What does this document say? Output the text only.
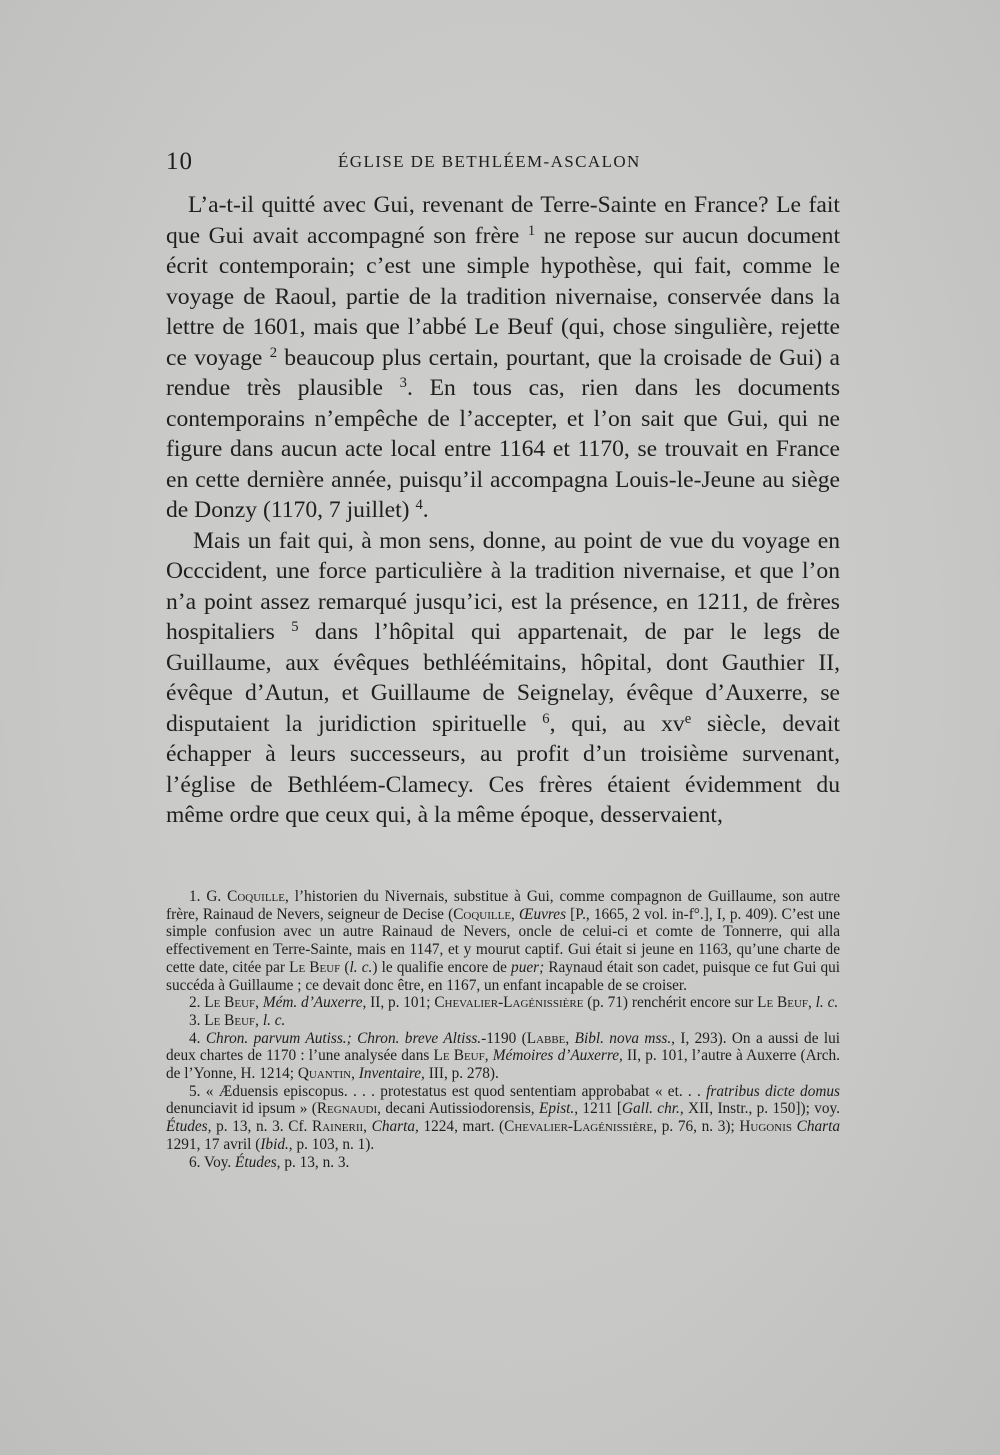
10	ÉGLISE DE BETHLÉEM-ASCALON

L’a-t-il quitté avec Gui, revenant de Terre-Sainte en France? Le fait que Gui avait accompagné son frère $^1$ ne repose sur aucun document écrit contemporain; c’est une simple hypothèse, qui fait, comme le voyage de Raoul, partie de la tradition nivernaise, conservée dans la lettre de 1601, mais que l’abbé Le Beuf (qui, chose singulière, rejette ce voyage $^2$ beaucoup plus certain, pourtant, que la croisade de Gui) a rendue très plausible $^3$. En tous cas, rien dans les documents contemporains n’empêche de l’accepter, et l’on sait que Gui, qui ne figure dans aucun acte local entre 1164 et 1170, se trouvait en France en cette dernière année, puisqu’il accompagna Louis-le-Jeune au siège de Donzy (1170, 7 juillet) $^4$.

Mais un fait qui, à mon sens, donne, au point de vue du voyage en Occcident, une force particulière à la tradition nivernaise, et que l’on n’a point assez remarqué jusqu’ici, est la présence, en 1211, de frères hospitaliers $^5$ dans l’hôpital qui appartenait, de par le legs de Guillaume, aux évêques bethléémitains, hôpital, dont Gauthier II, évêque d’Autun, et Guillaume de Seignelay, évêque d’Auxerre, se disputaient la juridiction spirituelle $^6$, qui, au $xv^e$ siècle, devait échapper à leurs successeurs, au profit d’un troisième survenant, l’église de Bethléem-Clamecy. Ces frères étaient évidemment du même ordre que ceux qui, à la même époque, desservaient,

1. G. Coquille, l’historien du Nivernais, substitue à Gui, comme compagnon de Guillaume, son autre frère, Rainaud de Nevers, seigneur de Decise (Coquille, Œuvres [P., 1665, 2 vol. in-f°.], I, p. 409). C’est une simple confusion avec un autre Rainaud de Nevers, oncle de celui-ci et comte de Tonnerre, qui alla effectivement en Terre-Sainte, mais en 1147, et y mourut captif. Gui était si jeune en 1163, qu’une charte de cette date, citée par Le Beuf (l. c.) le qualifie encore de puer; Raynaud était son cadet, puisque ce fut Gui qui succéda à Guillaume ; ce devait donc être, en 1167, un enfant incapable de se croiser.

2. Le Beuf, Mém. d’Auxerre, II, p. 101; Chevalier-Lagénissière (p. 71) renchérit encore sur Le Beuf, l. c.

3. Le Beuf, l. c.

4. Chron. parvum Autiss.; Chron. breve Altiss.-1190 (Labbe, Bibl. nova mss., I, 293). On a aussi de lui deux chartes de 1170 : l’une analysée dans Le Beuf, Mémoires d’Auxerre, II, p. 101, l’autre à Auxerre (Arch. de l’Yonne, H. 1214; Quantin, Inventaire, III, p. 278).

5. « Æduensis episcopus. . . . protestatus est quod sententiam approbabat « et. . . fratribus dicte domus denunciavit id ipsum » (Regnaudi, decani Autissiodorensis, Epist., 1211 [Gall. chr., XII, Instr., p. 150]); voy. Études, p. 13, n. 3. Cf. Rainerii, Charta, 1224, mart. (Chevalier-Lagénissière, p. 76, n. 3); Hugonis Charta 1291, 17 avril (Ibid., p. 103, n. 1).

6. Voy. Études, p. 13, n. 3.
